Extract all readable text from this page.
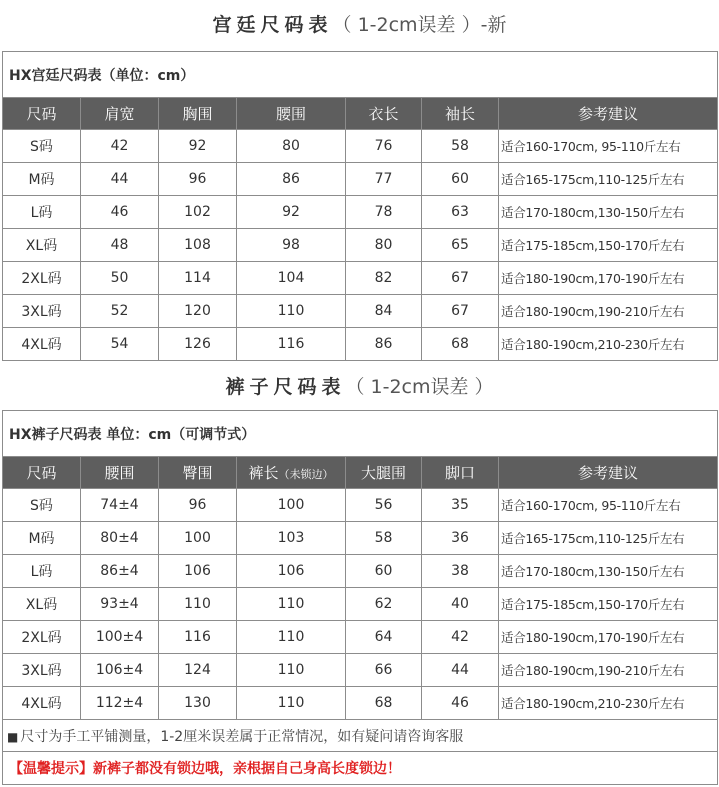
宫廷尺码表（ 1-2cm误差 ）-新
HX宫廷尺码表（单位：cm）						
尺码	肩宽	胸围	腰围	衣长	袖长	参考建议
S码	42	92	80	76	58	适合160-170cm, 95-110斤左右
M码	44	96	86	77	60	适合165-175cm,110-125斤左右
L码	46	102	92	78	63	适合170-180cm,130-150斤左右
XL码	48	108	98	80	65	适合175-185cm,150-170斤左右
2XL码	50	114	104	82	67	适合180-190cm,170-190斤左右
3XL码	52	120	110	84	67	适合180-190cm,190-210斤左右
4XL码	54	126	116	86	68	适合180-190cm,210-230斤左右
裤子尺码表（ 1-2cm误差 ）
HX裤子尺码表 单位：cm（可调节式）						
尺码	腰围	臀围	裤长（未锁边）	大腿围	脚口	参考建议
S码	74±4	96	100	56	35	适合160-170cm, 95-110斤左右
M码	80±4	100	103	58	36	适合165-175cm,110-125斤左右
L码	86±4	106	106	60	38	适合170-180cm,130-150斤左右
XL码	93±4	110	110	62	40	适合175-185cm,150-170斤左右
2XL码	100±4	116	110	64	42	适合180-190cm,170-190斤左右
3XL码	106±4	124	110	66	44	适合180-190cm,190-210斤左右
4XL码	112±4	130	110	68	46	适合180-190cm,210-230斤左右
■ 尺寸为手工平铺测量，1-2厘米误差属于正常情况，如有疑问请咨询客服						
【温馨提示】新裤子都没有锁边哦，亲根据自己身高长度锁边！						
